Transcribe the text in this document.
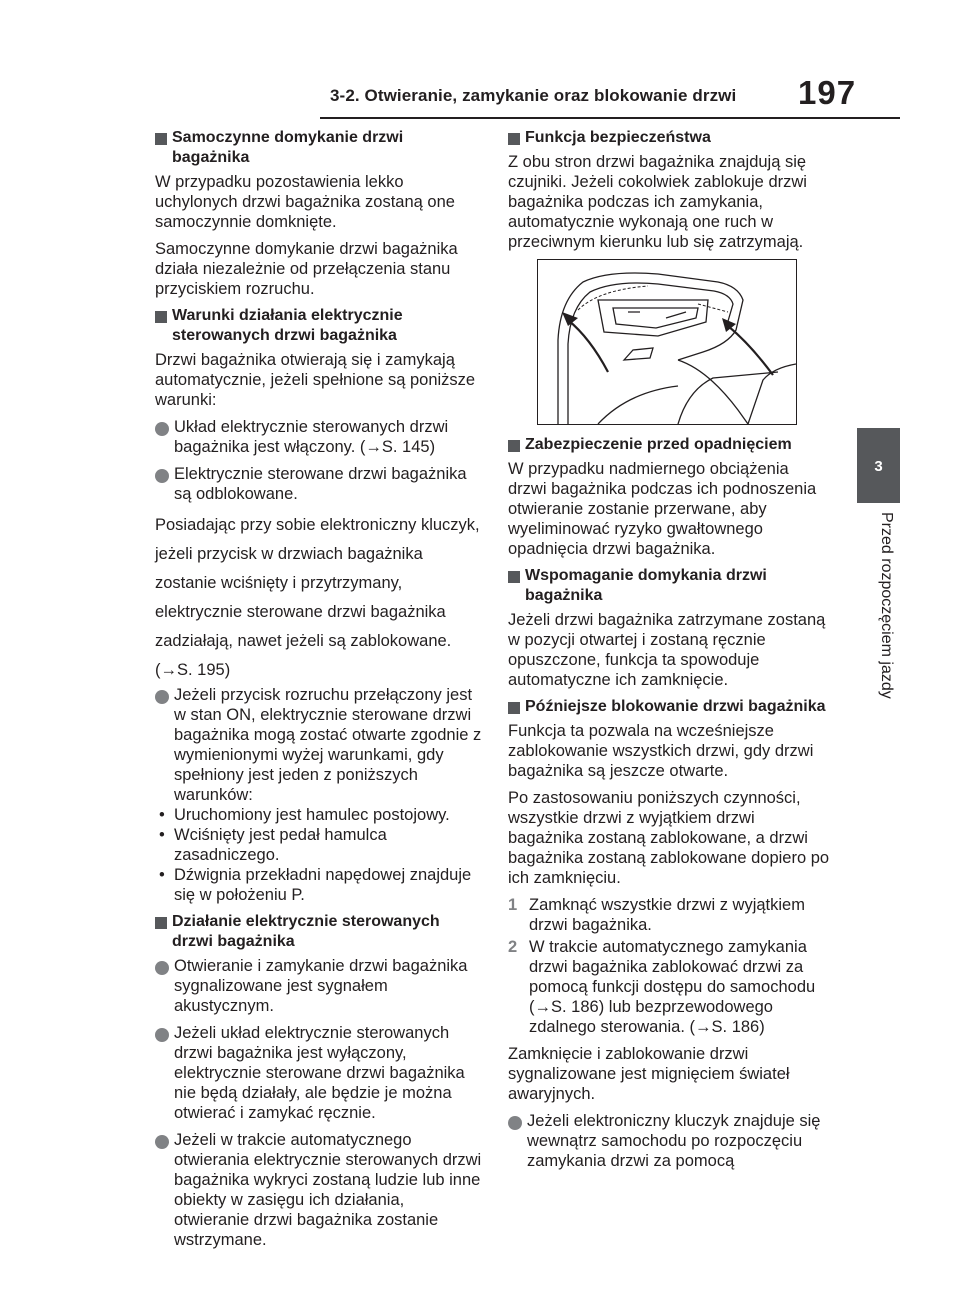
3-2. Otwieranie, zamykanie oraz blokowanie drzwi	197
3
Przed rozpoczęciem jazdy
Samoczynne domykanie drzwi bagażnika

W przypadku pozostawienia lekko uchylonych drzwi bagażnika zostaną one samoczynnie domknięte.

Samoczynne domykanie drzwi bagażnika działa niezależnie od przełączenia stanu przyciskiem rozruchu.

Warunki działania elektrycznie sterowanych drzwi bagażnika

Drzwi bagażnika otwierają się i zamykają automatycznie, jeżeli spełnione są poniższe warunki:

Układ elektrycznie sterowanych drzwi bagażnika jest włączony. (→S. 145)
Elektrycznie sterowane drzwi bagażnika są odblokowane.

Posiadając przy sobie elektroniczny kluczyk, jeżeli przycisk w drzwiach bagażnika zostanie wciśnięty i przytrzymany, elektrycznie sterowane drzwi bagażnika zadziałają, nawet jeżeli są zablokowane. (→S. 195)

Jeżeli przycisk rozruchu przełączony jest w stan ON, elektrycznie sterowane drzwi bagażnika mogą zostać otwarte zgodnie z wymienionymi wyżej warunkami, gdy spełniony jest jeden z poniższych warunków:
• Uruchomiony jest hamulec postojowy.
• Wciśnięty jest pedał hamulca zasadniczego.
• Dźwignia przekładni napędowej znajduje się w położeniu P.
Działanie elektrycznie sterowanych drzwi bagażnika
Otwieranie i zamykanie drzwi bagażnika sygnalizowane jest sygnałem akustycznym.
Jeżeli układ elektrycznie sterowanych drzwi bagażnika jest wyłączony, elektrycznie sterowane drzwi bagażnika nie będą działały, ale będzie je można otwierać i zamykać ręcznie.
Jeżeli w trakcie automatycznego otwierania elektrycznie sterowanych drzwi bagażnika wykryci zostaną ludzie lub inne obiekty w zasięgu ich działania, otwieranie drzwi bagażnika zostanie wstrzymane.
Funkcja bezpieczeństwa

Z obu stron drzwi bagażnika znajdują się czujniki. Jeżeli cokolwiek zablokuje drzwi bagażnika podczas ich zamykania, automatycznie wykonają one ruch w przeciwnym kierunku lub się zatrzymają.

Zabezpieczenie przed opadnięciem

W przypadku nadmiernego obciążenia drzwi bagażnika podczas ich podnoszenia otwieranie zostanie przerwane, aby wyeliminować ryzyko gwałtownego opadnięcia drzwi bagażnika.

Wspomaganie domykania drzwi bagażnika

Jeżeli drzwi bagażnika zatrzymane zostaną w pozycji otwartej i zostaną ręcznie opuszczone, funkcja ta spowoduje automatyczne ich zamknięcie.

Późniejsze blokowanie drzwi bagażnika

Funkcja ta pozwala na wcześniejsze zablokowanie wszystkich drzwi, gdy drzwi bagażnika są jeszcze otwarte.

Po zastosowaniu poniższych czynności, wszystkie drzwi z wyjątkiem drzwi bagażnika zostaną zablokowane, a drzwi bagażnika zostaną zablokowane dopiero po ich zamknięciu.

1 Zamknąć wszystkie drzwi z wyjątkiem drzwi bagażnika.
2 W trakcie automatycznego zamykania drzwi bagażnika zablokować drzwi za pomocą funkcji dostępu do samochodu (→S. 186) lub bezprzewodowego zdalnego sterowania. (→S. 186)

Zamknięcie i zablokowanie drzwi sygnalizowane jest mignięciem świateł awaryjnych.

Jeżeli elektroniczny kluczyk znajduje się wewnątrz samochodu po rozpoczęciu zamykania drzwi za pomocą
